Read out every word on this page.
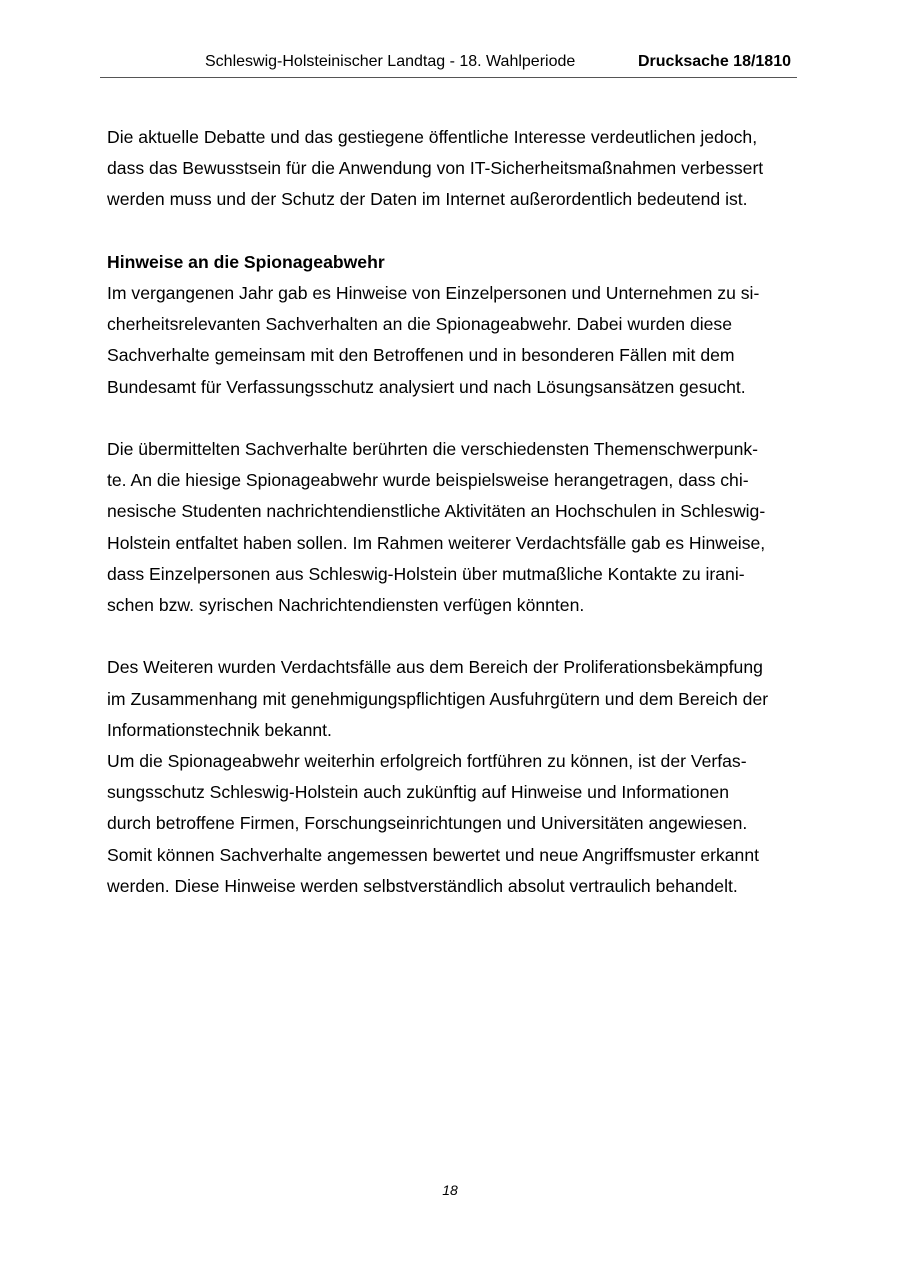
Schleswig-Holsteinischer Landtag - 18. Wahlperiode	Drucksache 18/1810

Die aktuelle Debatte und das gestiegene öffentliche Interesse verdeutlichen jedoch,

dass das Bewusstsein für die Anwendung von IT-Sicherheitsmaßnahmen verbessert

werden muss und der Schutz der Daten im Internet außerordentlich bedeutend ist.

Hinweise an die Spionageabwehr

Im vergangenen Jahr gab es Hinweise von Einzelpersonen und Unternehmen zu si-

cherheitsrelevanten Sachverhalten an die Spionageabwehr. Dabei wurden diese

Sachverhalte gemeinsam mit den Betroffenen und in besonderen Fällen mit dem

Bundesamt für Verfassungsschutz analysiert und nach Lösungsansätzen gesucht.

Die übermittelten Sachverhalte berührten die verschiedensten Themenschwerpunk-

te. An die hiesige Spionageabwehr wurde beispielsweise herangetragen, dass chi-

nesische Studenten nachrichtendienstliche Aktivitäten an Hochschulen in Schleswig-

Holstein entfaltet haben sollen. Im Rahmen weiterer Verdachtsfälle gab es Hinweise,

dass Einzelpersonen aus Schleswig-Holstein über mutmaßliche Kontakte zu irani-

schen bzw. syrischen Nachrichtendiensten verfügen könnten.

Des Weiteren wurden Verdachtsfälle aus dem Bereich der Proliferationsbekämpfung

im Zusammenhang mit genehmigungspflichtigen Ausfuhrgütern und dem Bereich der

Informationstechnik bekannt.

Um die Spionageabwehr weiterhin erfolgreich fortführen zu können, ist der Verfas-

sungsschutz Schleswig-Holstein auch zukünftig auf Hinweise und Informationen

durch betroffene Firmen, Forschungseinrichtungen und Universitäten angewiesen.

Somit können Sachverhalte angemessen bewertet und neue Angriffsmuster erkannt

werden. Diese Hinweise werden selbstverständlich absolut vertraulich behandelt.

18
